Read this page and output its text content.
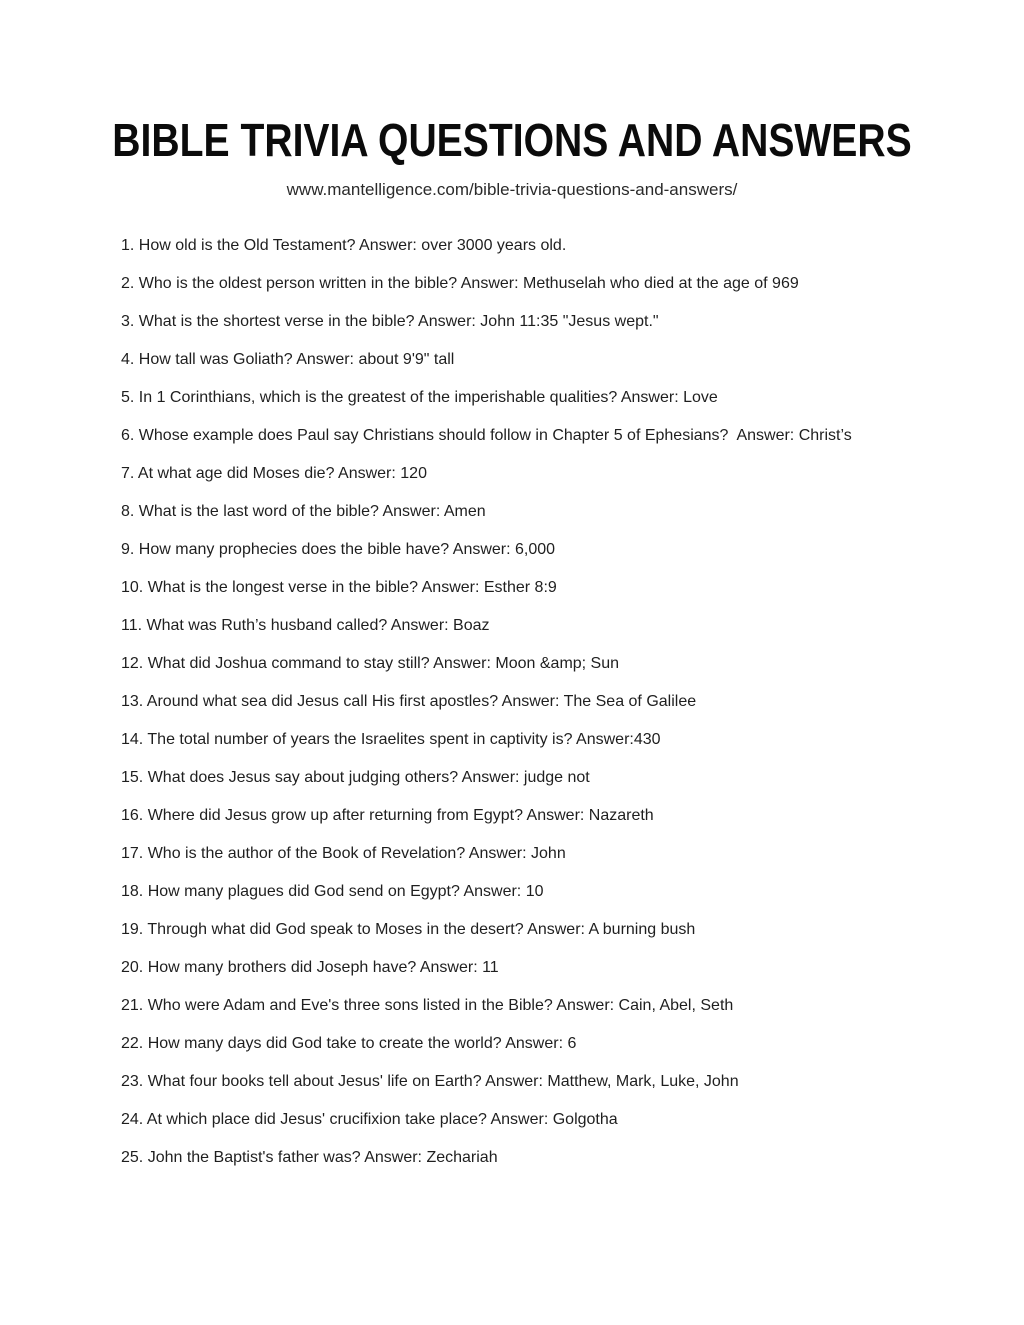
BIBLE TRIVIA QUESTIONS AND ANSWERS

www.mantelligence.com/bible-trivia-questions-and-answers/

1. How old is the Old Testament? Answer: over 3000 years old.

2. Who is the oldest person written in the bible? Answer: Methuselah who died at the age of 969

3. What is the shortest verse in the bible? Answer: John 11:35 "Jesus wept."

4. How tall was Goliath? Answer: about 9'9" tall

5. In 1 Corinthians, which is the greatest of the imperishable qualities? Answer: Love

6. Whose example does Paul say Christians should follow in Chapter 5 of Ephesians?  Answer: Christ’s

7. At what age did Moses die? Answer: 120

8. What is the last word of the bible? Answer: Amen

9. How many prophecies does the bible have? Answer: 6,000

10. What is the longest verse in the bible? Answer: Esther 8:9

11. What was Ruth’s husband called? Answer: Boaz

12. What did Joshua command to stay still? Answer: Moon &amp; Sun

13. Around what sea did Jesus call His first apostles? Answer: The Sea of Galilee

14. The total number of years the Israelites spent in captivity is? Answer:430

15. What does Jesus say about judging others? Answer: judge not

16. Where did Jesus grow up after returning from Egypt? Answer: Nazareth

17. Who is the author of the Book of Revelation? Answer: John

18. How many plagues did God send on Egypt? Answer: 10

19. Through what did God speak to Moses in the desert? Answer: A burning bush

20. How many brothers did Joseph have? Answer: 11

21. Who were Adam and Eve's three sons listed in the Bible? Answer: Cain, Abel, Seth

22. How many days did God take to create the world? Answer: 6

23. What four books tell about Jesus' life on Earth? Answer: Matthew, Mark, Luke, John

24. At which place did Jesus' crucifixion take place? Answer: Golgotha

25. John the Baptist's father was? Answer: Zechariah
